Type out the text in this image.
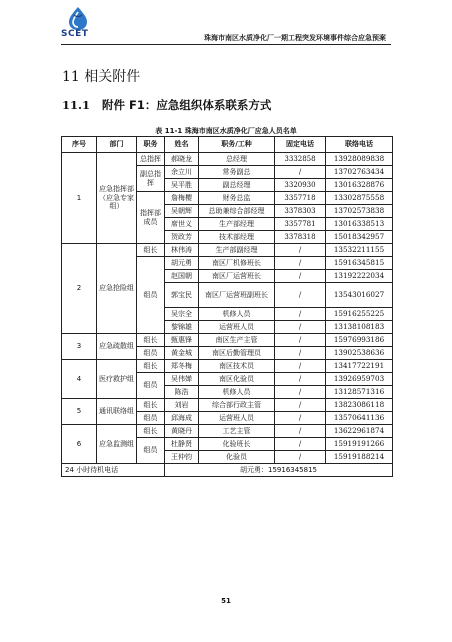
SCET	珠海市南区水质净化厂一期工程突发环境事件综合应急预案
11 相关附件
11.1 附件 F1：应急组织体系联系方式
表 11-1 珠海市南区水质净化厂应急人员名单
序号	部门	职务	姓名	职务/工种	固定电话	联络电话
1	应急指挥部（应急专家组）	总指挥	郝晓龙	总经理	3332858	13928089838
		副总指挥	余立川	常务副总	/	13702763434
			吴平胜	副总经理	3320930	13016328876
		指挥部成员	詹梅樱	财务总监	3357718	13302875558
			吴朝辉	总助兼综合部经理	3378303	13702573838
			席世义	生产部经理	3357781	13016338513
			贺政芳	技术部经理	3378318	15018342957
2	应急抢险组	组长	林伟涛	生产部副经理	/	13532211155
		组员	胡元勇	南区厂机修班长	/	15916345815
			赵国朝	南区厂运营班长	/	13192222034
			郭宝民	南区厂运营班副班长	/	13543016027
			吴宗全	机修人员	/	15916255225
			黎锦雄	运营班人员	/	13138108183
3	应急疏散组	组长	甄惠锋	南区生产主管	/	15976993186
		组员	黄金城	南区后勤管理员	/	13902538636
4	医疗救护组	组长	郑冬梅	南区技术员	/	13417722191
		组员	吴伟婵	南区化验员	/	13926959703
			陈浩	机修人员	/	13128571316
5	通讯联络组	组长	刘岩	综合部行政主管	/	13823086118
		组员	邱海成	运营班人员	/	13570641136
6	应急监测组	组长	黄晓丹	工艺主管	/	13622961874
		组员	杜静贤	化验班长	/	15919191266
			王仲钧	化验员	/	15919188214
24 小时待机电话			胡元勇：15916345815			
51
